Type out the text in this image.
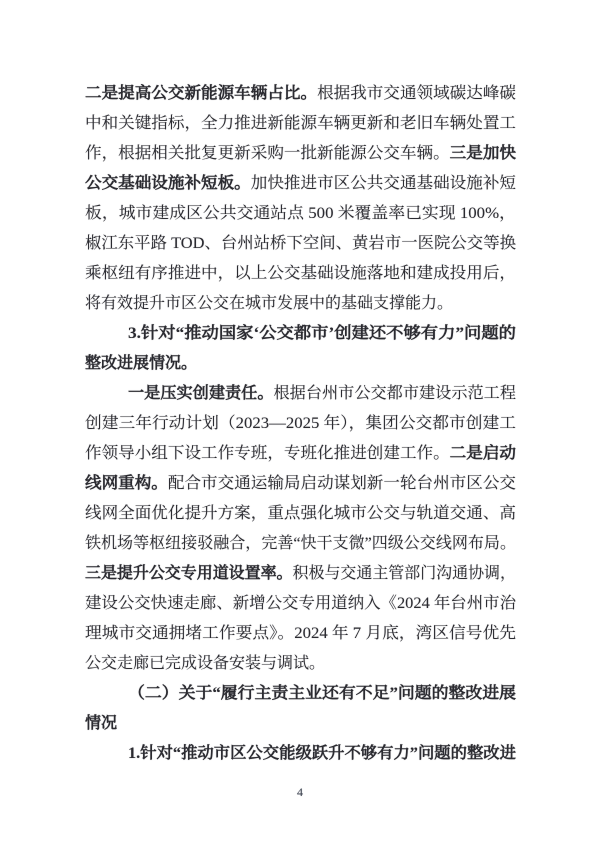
二是提高公交新能源车辆占比。根据我市交通领域碳达峰碳
中和关键指标，全力推进新能源车辆更新和老旧车辆处置工
作，根据相关批复更新采购一批新能源公交车辆。三是加快
公交基础设施补短板。加快推进市区公共交通基础设施补短
板，城市建成区公共交通站点 500 米覆盖率已实现 100%，
椒江东平路 TOD、台州站桥下空间、黄岩市一医院公交等换
乘枢纽有序推进中，以上公交基础设施落地和建成投用后，
将有效提升市区公交在城市发展中的基础支撑能力。
3.针对“推动国家‘公交都市’创建还不够有力”问题的
整改进展情况。
一是压实创建责任。根据台州市公交都市建设示范工程
创建三年行动计划（2023—2025 年），集团公交都市创建工
作领导小组下设工作专班，专班化推进创建工作。二是启动
线网重构。配合市交通运输局启动谋划新一轮台州市区公交
线网全面优化提升方案，重点强化城市公交与轨道交通、高
铁机场等枢纽接驳融合，完善“快干支微”四级公交线网布局。
三是提升公交专用道设置率。积极与交通主管部门沟通协调，
建设公交快速走廊、新增公交专用道纳入《2024 年台州市治
理城市交通拥堵工作要点》。2024 年 7 月底，湾区信号优先
公交走廊已完成设备安装与调试。
（二）关于“履行主责主业还有不足”问题的整改进展
情况
1.针对“推动市区公交能级跃升不够有力”问题的整改进
4
